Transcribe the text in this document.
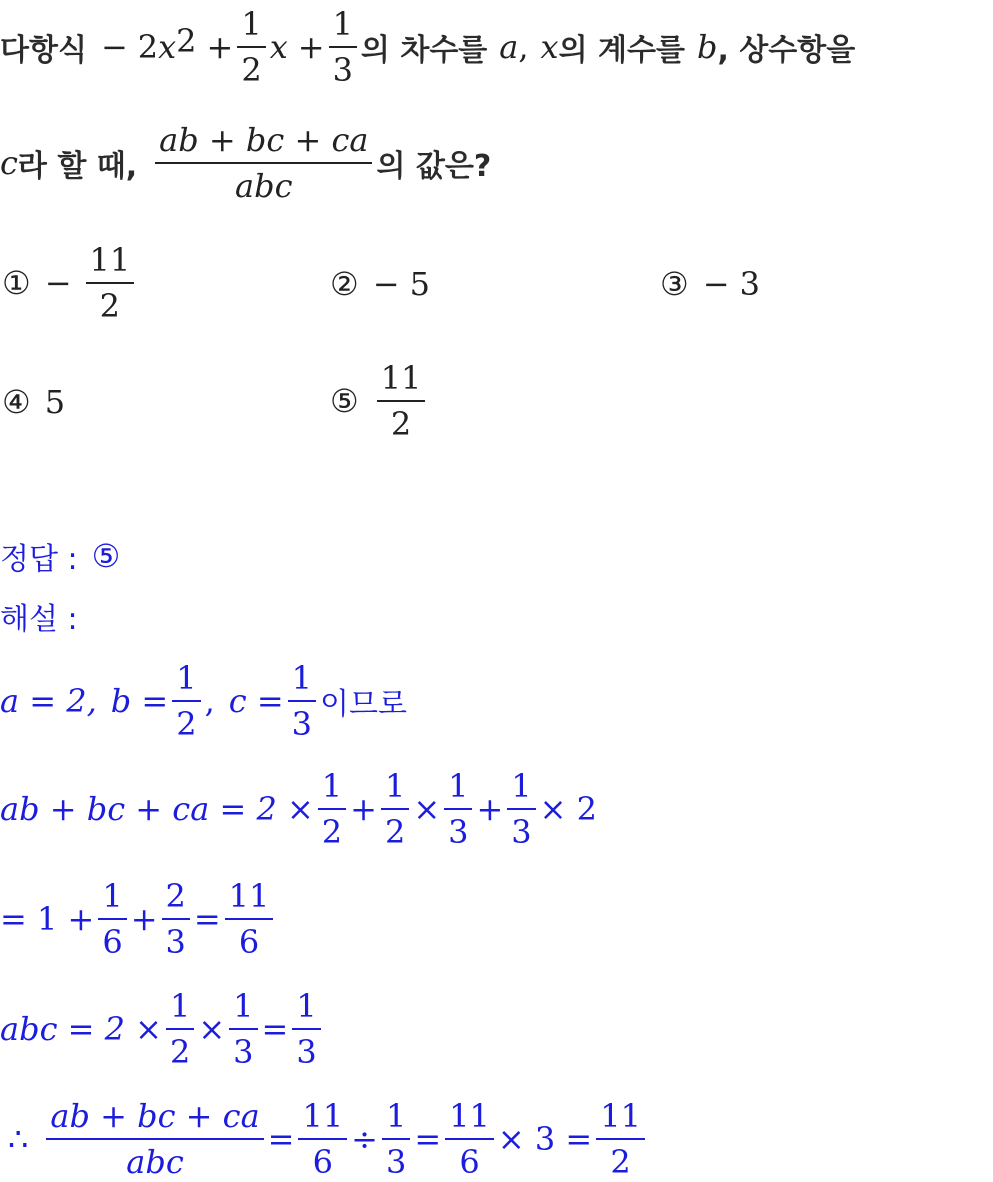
다항식 − 2 $x^2 + \frac{1}{2}$ $x + \frac{1}{3}$ 의 차수를 a , x 의 계수를 b , 상수항을
c 라 할 때, $\frac{ab + bc + ca}{\text{abc}}$ 의 값은?
① − $\frac{11}{2}$	② − 5	③ − 3
④ 5	⑤ $\frac{11}{2}$
정답 : ⑤
해설 :
a = 2, $b = \frac{1}{2}$ , $c = \frac{1}{3}$ 이므로
ab + bc + ca = $2 \times \frac{1}{2} + \frac{1}{2} \times \frac{1}{3} + \frac{1}{3} \times 2$
= $1 + \frac{1}{6} + \frac{2}{3} = \frac{11}{6}$
abc = $2 \times \frac{1}{2} \times \frac{1}{3} = \frac{1}{3}$
∴ $\frac{ab + bc + ca}{\text{abc}} = \frac{11}{6} \div \frac{1}{3} = \frac{11}{6} \times 3 = \frac{11}{2}$
